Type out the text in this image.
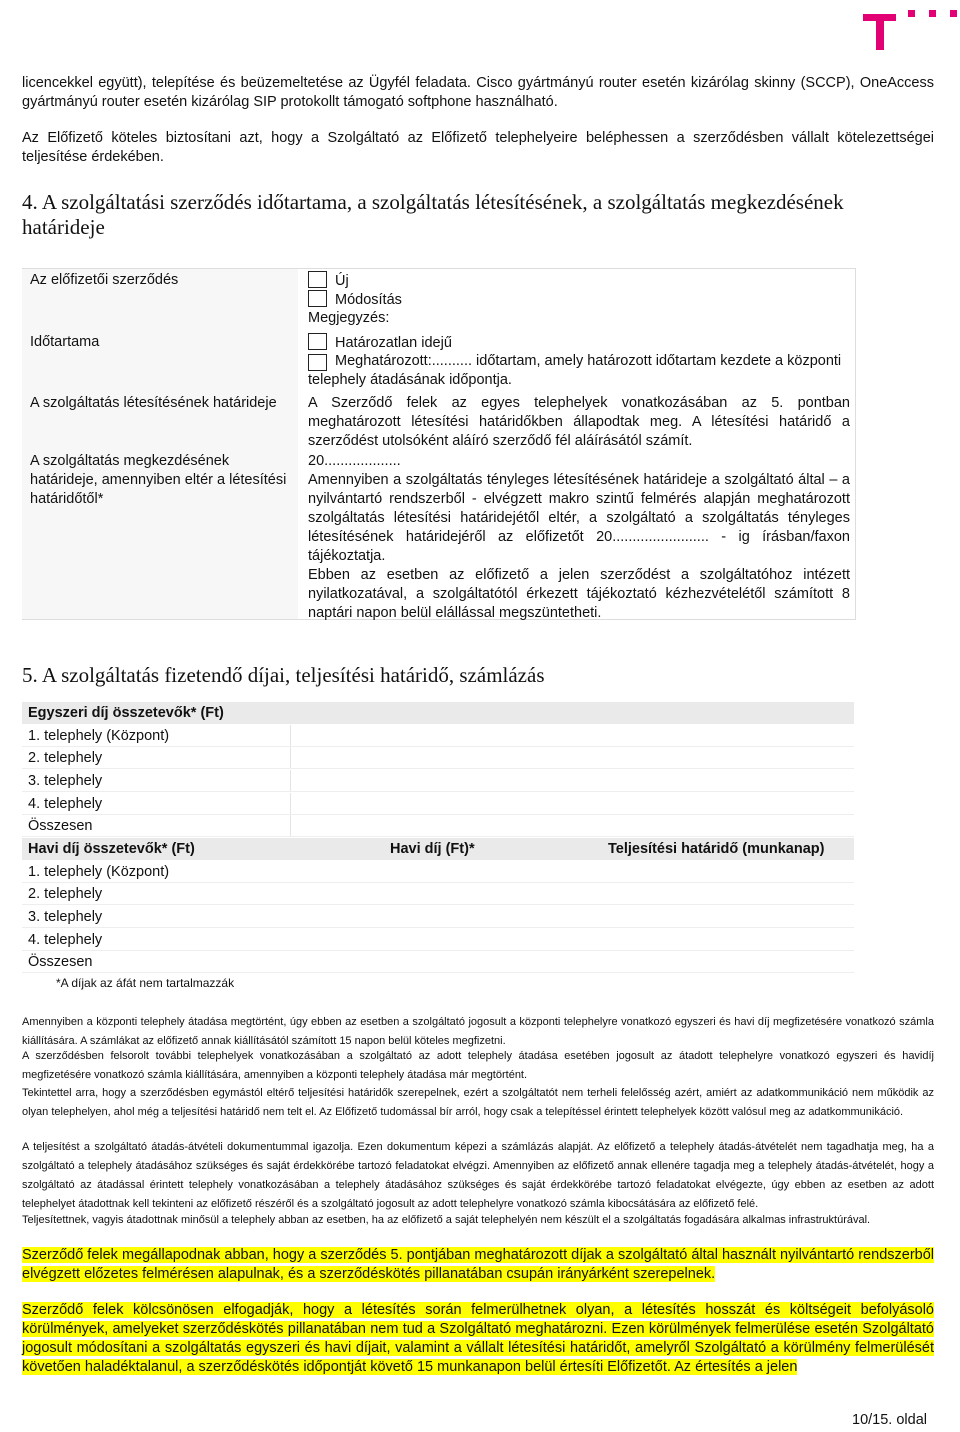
licencekkel együtt), telepítése és beüzemeltetése az Ügyfél feladata. Cisco gyártmányú router esetén kizárólag skinny (SCCP), OneAccess gyártmányú router esetén kizárólag SIP protokollt támogató softphone használható.

Az Előfizető köteles biztosítani azt, hogy a Szolgáltató az Előfizető telephelyeire beléphessen a szerződésben vállalt kötelezettségei teljesítése érdekében.

4. A szolgáltatási szerződés időtartama, a szolgáltatás létesítésének, a szolgáltatás megkezdésének határideje
Az előfizetői szerződés	Új
Módosítás
Megjegyzés:
Időtartama	Határozatlan idejű
Meghatározott:.......... időtartam, amely határozott időtartam kezdete a központi telephely átadásának időpontja.
A szolgáltatás létesítésének határideje	A Szerződő felek az egyes telephelyek vonatkozásában az 5. pontban meghatározott létesítési határidőkben állapodtak meg. A létesítési határidő a szerződést utolsóként aláíró szerződő fél aláírásától számít.
A szolgáltatás megkezdésének határideje, amennyiben eltér a létesítési határidőtől*
20...................
Amennyiben a szolgáltatás tényleges létesítésének határideje a szolgáltató által – a nyilvántartó rendszerből - elvégzett makro szintű felmérés alapján meghatározott szolgáltatás létesítési határidejétől eltér, a szolgáltató a szolgáltatás tényleges létesítésének határidejéről az előfizetőt 20........................ - ig írásban/faxon tájékoztatja.
Ebben az esetben az előfizető a jelen szerződést a szolgáltatóhoz intézett nyilatkozatával, a szolgáltatótól érkezett tájékoztató kézhezvételétől számított 8 naptári napon belül elállással megszüntetheti.
5. A szolgáltatás fizetendő díjai, teljesítési határidő, számlázás
Egyszeri díj összetevők* (Ft)
1. telephely (Központ)
2. telephely
3. telephely
4. telephely
Összesen
Havi díj összetevők* (Ft)	Havi díj (Ft)*	Teljesítési határidő (munkanap)
1. telephely (Központ)
2. telephely
3. telephely
4. telephely
Összesen
*A díjak az áfát nem tartalmazzák

Amennyiben a központi telephely átadása megtörtént, úgy ebben az esetben a szolgáltató jogosult a központi telephelyre vonatkozó egyszeri és havi díj megfizetésére vonatkozó számla kiállítására. A számlákat az előfizető annak kiállításától számított 15 napon belül köteles megfizetni.

A szerződésben felsorolt további telephelyek vonatkozásában a szolgáltató az adott telephely átadása esetében jogosult az átadott telephelyre vonatkozó egyszeri és havidíj megfizetésére vonatkozó számla kiállítására, amennyiben a központi telephely átadása már megtörtént.

Tekintettel arra, hogy a szerződésben egymástól eltérő teljesítési határidők szerepelnek, ezért a szolgáltatót nem terheli felelősség azért, amiért az adatkommunikáció nem működik az olyan telephelyen, ahol még a teljesítési határidő nem telt el. Az Előfizető tudomással bír arról, hogy csak a telepítéssel érintett telephelyek között valósul meg az adatkommunikáció.

A teljesítést a szolgáltató átadás-átvételi dokumentummal igazolja. Ezen dokumentum képezi a számlázás alapját. Az előfizető a telephely átadás-átvételét nem tagadhatja meg, ha a szolgáltató a telephely átadásához szükséges és saját érdekkörébe tartozó feladatokat elvégzi. Amennyiben az előfizető annak ellenére tagadja meg a telephely átadás-átvételét, hogy a szolgáltató az átadással érintett telephely vonatkozásában a telephely átadásához szükséges és saját érdekkörébe tartozó feladatokat elvégezte, úgy ebben az esetben az adott telephelyet átadottnak kell tekinteni az előfizető részéről és a szolgáltató jogosult az adott telephelyre vonatkozó számla kibocsátására az előfizető felé.

Teljesítettnek, vagyis átadottnak minősül a telephely abban az esetben, ha az előfizető a saját telephelyén nem készült el a szolgáltatás fogadására alkalmas infrastruktúrával.

Szerződő felek megállapodnak abban, hogy a szerződés 5. pontjában meghatározott díjak a szolgáltató által használt nyilvántartó rendszerből elvégzett előzetes felmérésen alapulnak, és a szerződéskötés pillanatában csupán irányárként szerepelnek.

Szerződő felek kölcsönösen elfogadják, hogy a létesítés során felmerülhetnek olyan, a létesítés hosszát és költségeit befolyásoló körülmények, amelyeket szerződéskötés pillanatában nem tud a Szolgáltató meghatározni. Ezen körülmények felmerülése esetén Szolgáltató jogosult módosítani a szolgáltatás egyszeri és havi díjait, valamint a vállalt létesítési határidőt, amelyről Szolgáltató a körülmény felmerülését követően haladéktalanul, a szerződéskötés időpontját követő 15 munkanapon belül értesíti Előfizetőt. Az értesítés a jelen

10/15. oldal
